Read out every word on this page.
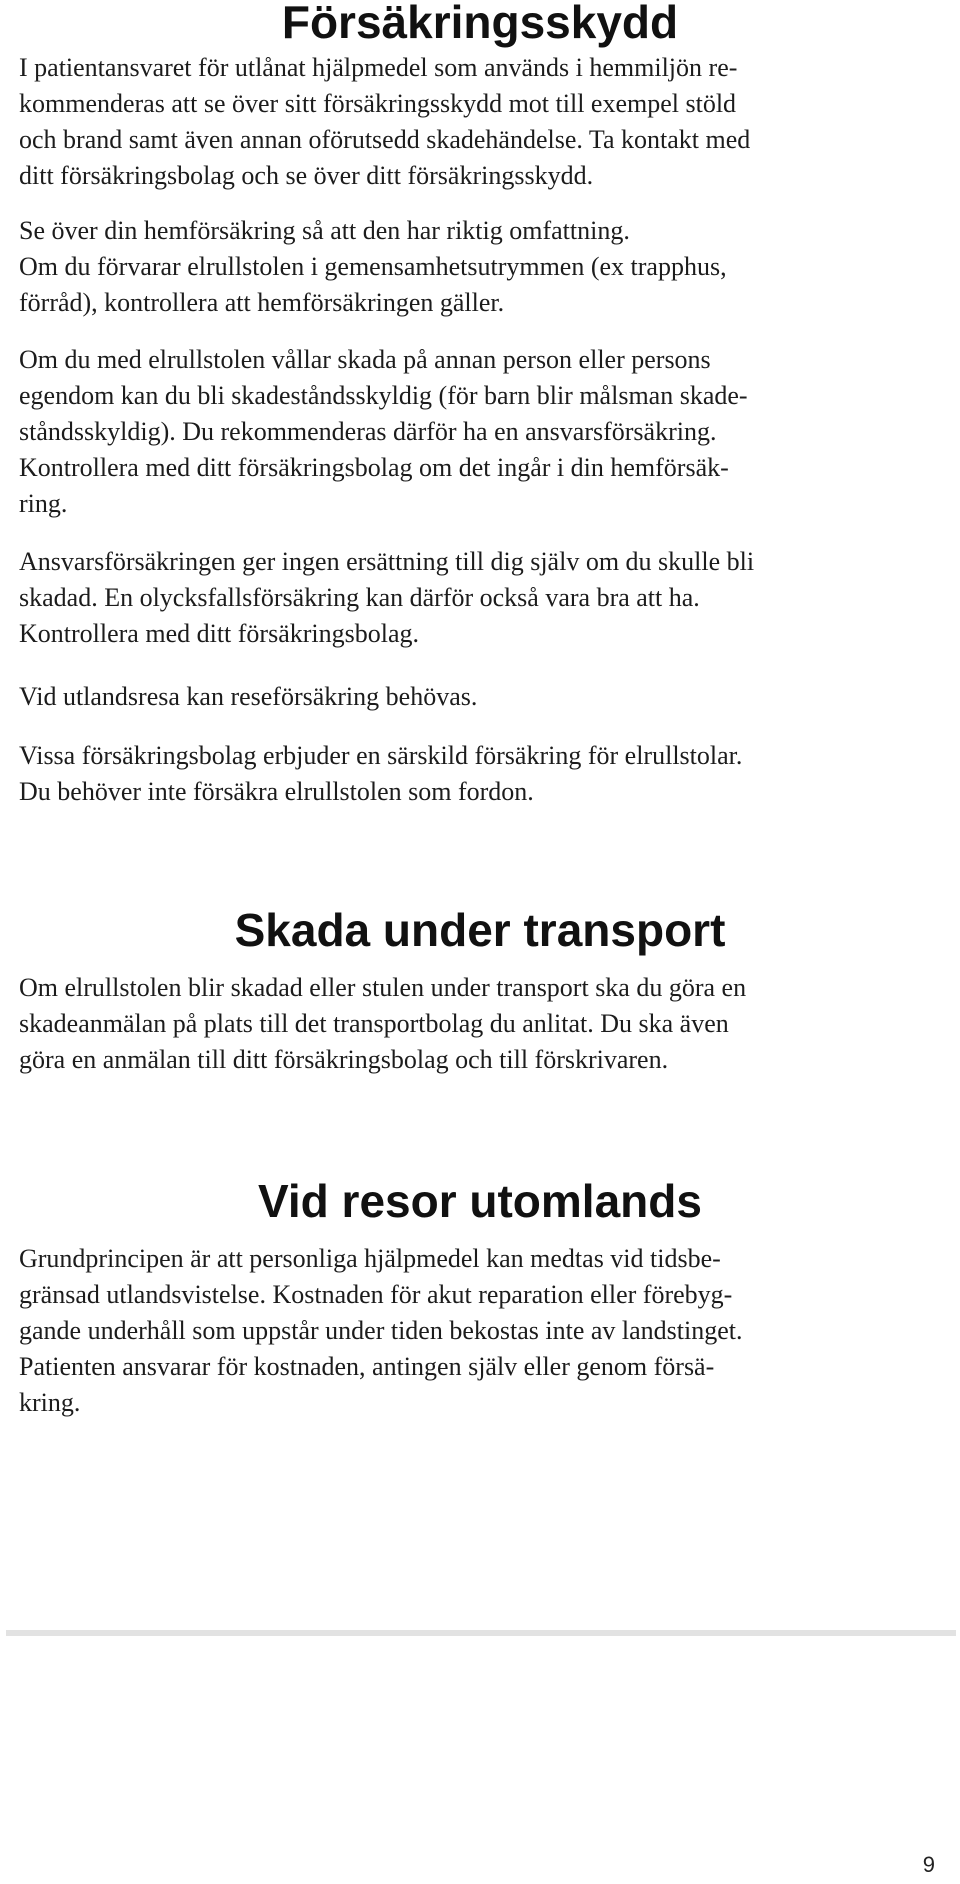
Försäkringsskydd

I patientansvaret för utlånat hjälpmedel som används i hemmiljön re-
kommenderas att se över sitt försäkringsskydd mot till exempel stöld
och brand samt även annan oförutsedd skadehändelse. Ta kontakt med
ditt försäkringsbolag och se över ditt försäkringsskydd.

Se över din hemförsäkring så att den har riktig omfattning.
Om du förvarar elrullstolen i gemensamhetsutrymmen (ex trapphus,
förråd), kontrollera att hemförsäkringen gäller.

Om du med elrullstolen vållar skada på annan person eller persons
egendom kan du bli skadeståndsskyldig (för barn blir målsman skade-
ståndsskyldig). Du rekommenderas därför ha en ansvarsförsäkring.
Kontrollera med ditt försäkringsbolag om det ingår i din hemförsäk-
ring.

Ansvarsförsäkringen ger ingen ersättning till dig själv om du skulle bli
skadad. En olycksfallsförsäkring kan därför också vara bra att ha.
Kontrollera med ditt försäkringsbolag.

Vid utlandsresa kan reseförsäkring behövas.

Vissa försäkringsbolag erbjuder en särskild försäkring för elrullstolar.
Du behöver inte försäkra elrullstolen som fordon.

Skada under transport

Om elrullstolen blir skadad eller stulen under transport ska du göra en
skadeanmälan på plats till det transportbolag du anlitat. Du ska även
göra en anmälan till ditt försäkringsbolag och till förskrivaren.

Vid resor utomlands

Grundprincipen är att personliga hjälpmedel kan medtas vid tidsbe-
gränsad utlandsvistelse. Kostnaden för akut reparation eller förebyg-
gande underhåll som uppstår under tiden bekostas inte av landstinget.
Patienten ansvarar för kostnaden, antingen själv eller genom försä-
kring.

9
